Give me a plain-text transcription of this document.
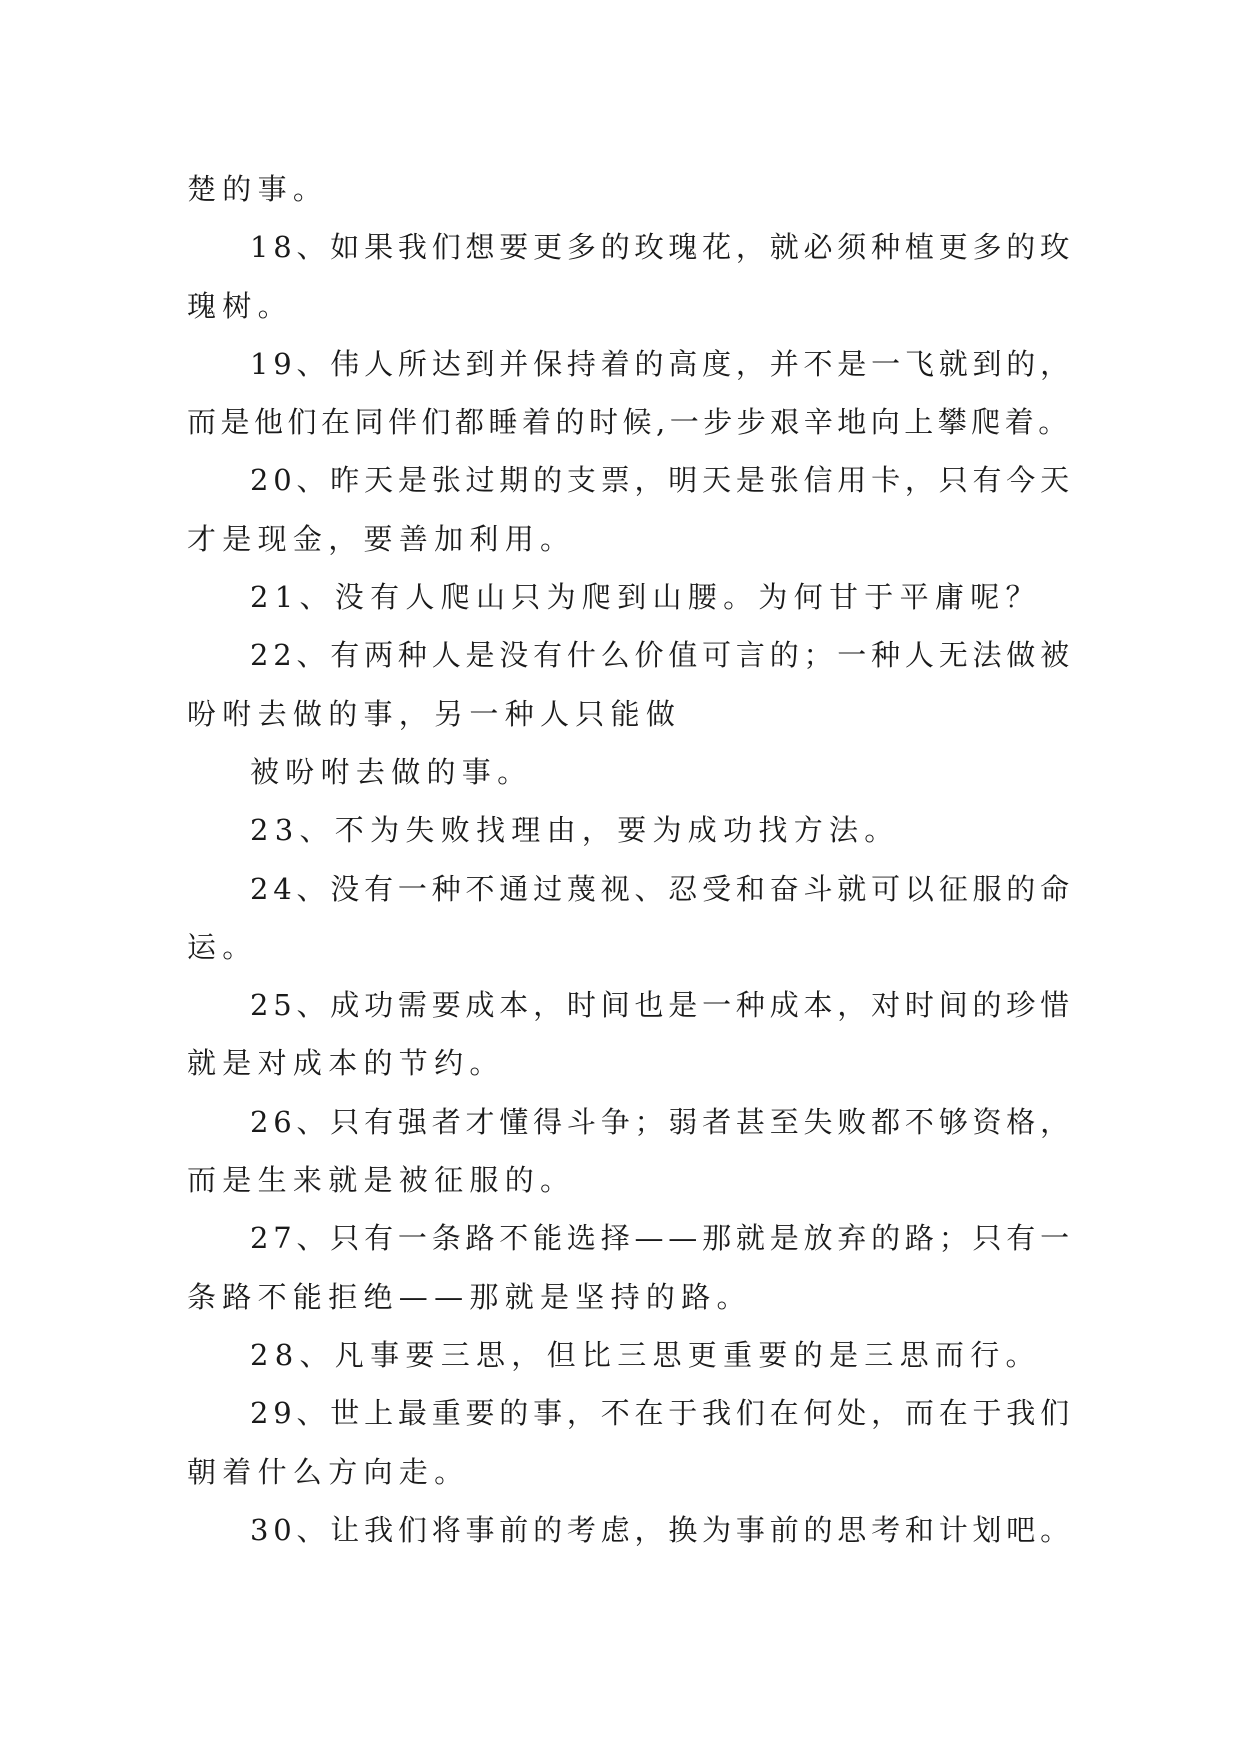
楚的事。
18、如果我们想要更多的玫瑰花，就必须种植更多的玫
瑰树。
19、伟人所达到并保持着的高度，并不是一飞就到的，
而是他们在同伴们都睡着的时候,一步步艰辛地向上攀爬着。
20、昨天是张过期的支票，明天是张信用卡，只有今天
才是现金，要善加利用。
21、没有人爬山只为爬到山腰。为何甘于平庸呢？
22、有两种人是没有什么价值可言的；一种人无法做被
吩咐去做的事，另一种人只能做
被吩咐去做的事。
23、不为失败找理由，要为成功找方法。
24、没有一种不通过蔑视、忍受和奋斗就可以征服的命
运。
25、成功需要成本，时间也是一种成本，对时间的珍惜
就是对成本的节约。
26、只有强者才懂得斗争；弱者甚至失败都不够资格，
而是生来就是被征服的。
27、只有一条路不能选择——那就是放弃的路；只有一
条路不能拒绝——那就是坚持的路。
28、凡事要三思，但比三思更重要的是三思而行。
29、世上最重要的事，不在于我们在何处，而在于我们
朝着什么方向走。
30、让我们将事前的考虑，换为事前的思考和计划吧。
